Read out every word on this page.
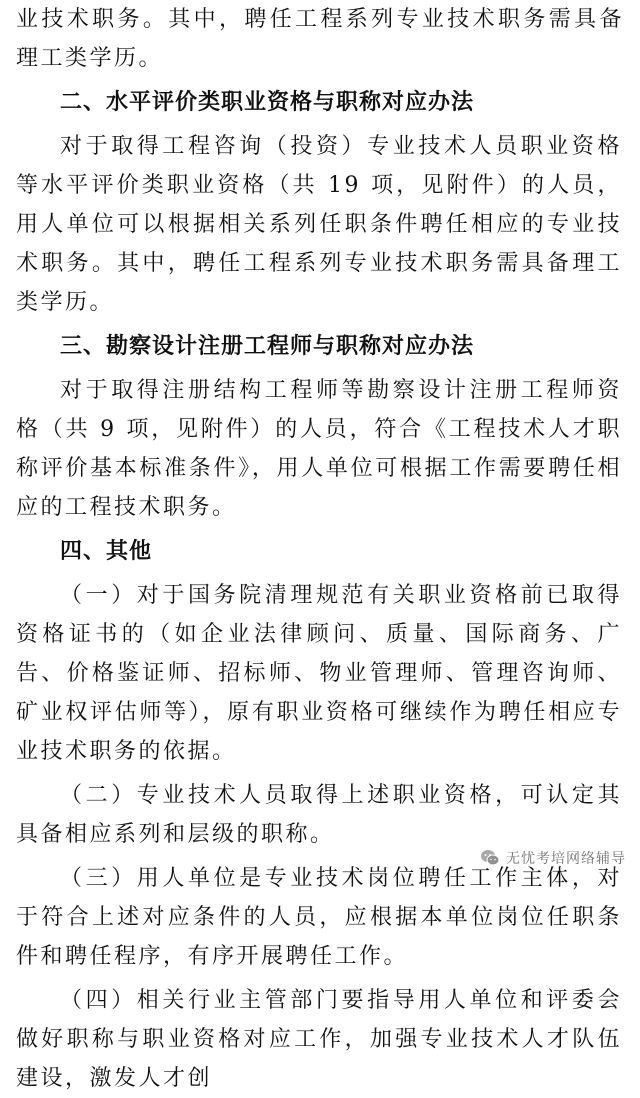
业技术职务。其中，聘任工程系列专业技术职务需具备理工类学历。

二、水平评价类职业资格与职称对应办法

对于取得工程咨询（投资）专业技术人员职业资格等水平评价类职业资格（共 19 项，见附件）的人员，用人单位可以根据相关系列任职条件聘任相应的专业技术职务。其中，聘任工程系列专业技术职务需具备理工类学历。

三、勘察设计注册工程师与职称对应办法

对于取得注册结构工程师等勘察设计注册工程师资格（共 9 项，见附件）的人员，符合《工程技术人才职称评价基本标准条件》，用人单位可根据工作需要聘任相应的工程技术职务。

四、其他

（一）对于国务院清理规范有关职业资格前已取得资格证书的（如企业法律顾问、质量、国际商务、广告、价格鉴证师、招标师、物业管理师、管理咨询师、矿业权评估师等），原有职业资格可继续作为聘任相应专业技术职务的依据。

（二）专业技术人员取得上述职业资格，可认定其具备相应系列和层级的职称。

（三）用人单位是专业技术岗位聘任工作主体，对于符合上述对应条件的人员，应根据本单位岗位任职条件和聘任程序，有序开展聘任工作。

（四）相关行业主管部门要指导用人单位和评委会做好职称与职业资格对应工作，加强专业技术人才队伍建设，激发人才创

无忧考培网络辅导
